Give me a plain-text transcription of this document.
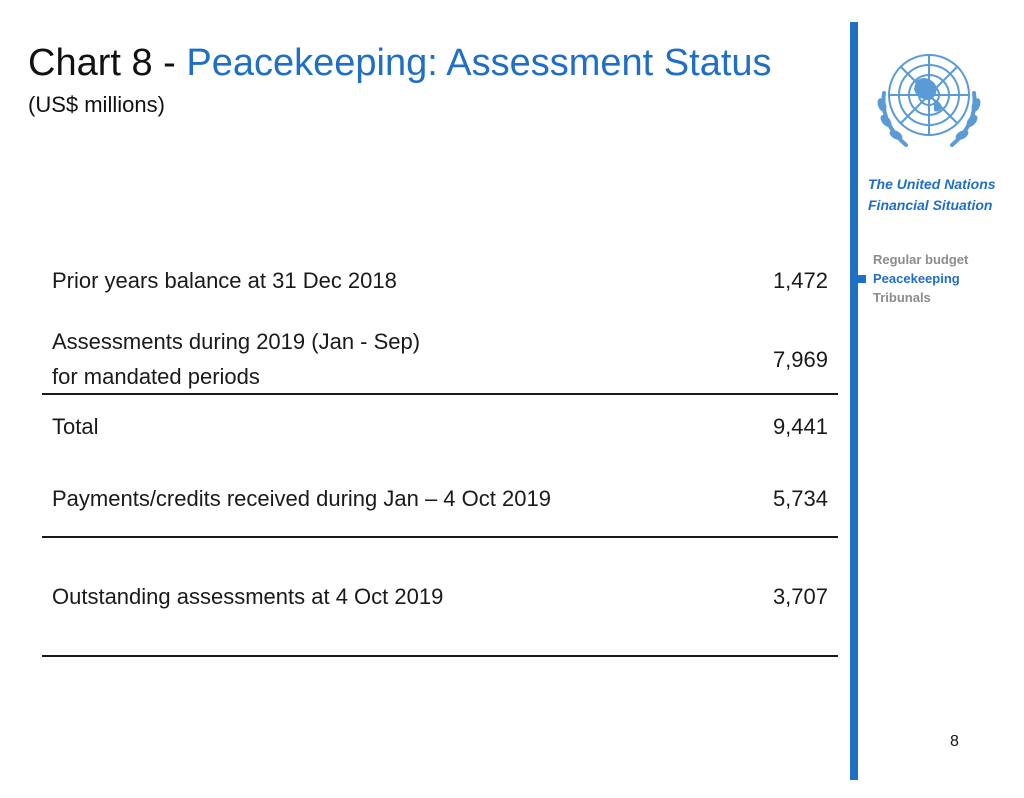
Chart 8 - Peacekeeping: Assessment Status
(US$ millions)
The United Nations
Financial Situation
Regular budget
Peacekeeping
Tribunals
Prior years balance at 31 Dec 2018	1,472
Assessments during 2019 (Jan - Sep)
for mandated periods
7,969
Total	9,441
Payments/credits received during Jan – 4 Oct 2019	5,734
Outstanding assessments at 4 Oct 2019	3,707
8
